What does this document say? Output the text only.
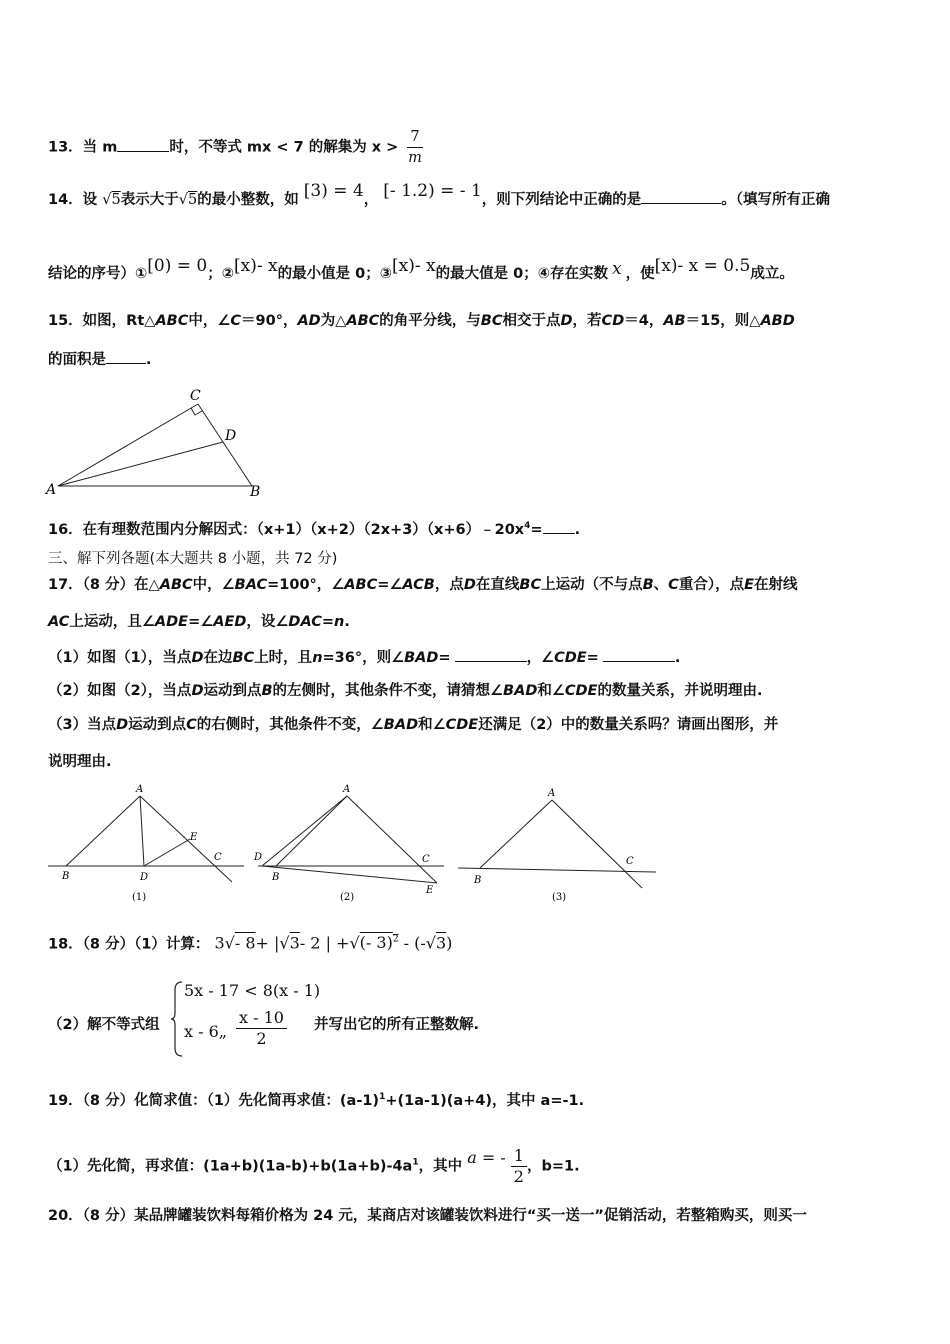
13．当 m	时，不等式 mx < 7 的解集为 $x > \frac{7}{m}$
14．设 √5表示大于√5的最小整数，如 [3) = 4， [- 1.2) = - 1，则下列结论中正确的是	。（填写所有正确
结论的序号）①[0) = 0；②[x)- x的最小值是 0；③[x)- x的最大值是 0；④存在实数 x ，使[x)- x = 0.5成立。
15．如图，Rt△ABC中，∠C＝90°，AD为△ABC的角平分线，与BC相交于点D，若CD＝4，AB＝15，则△ABD
的面积是	.
A	B
C
D
16．在有理数范围内分解因式：$(x+1)(x+2)(2x+3)(x+6)﹣20x^4=$ .
三、解下列各题(本大题共 8 小题，共 72 分)
17．（8 分）在△ABC中，∠BAC=100°，∠ABC=∠ACB，点D在直线BC上运动（不与点B、C重合），点E在射线
AC上运动，且∠ADE=∠AED，设∠DAC=n.
（1）如图（1），当点D在边BC上时，且n=36°，则∠BAD=	，∠CDE=	.
（2）如图（2），当点D运动到点B的左侧时，其他条件不变，请猜想∠BAD和∠CDE的数量关系，并说明理由.
（3）当点D运动到点C的右侧时，其他条件不变，∠BAD和∠CDE还满足（2）中的数量关系吗？请画出图形，并
说明理由.
A
B	D
E
C
(1)
A
D
B
C
E
(2)
A
B
C
(3)
18．（8 分）（1）计算： 3√- 8+ |√3- 2 | +√(- 3)$^2$ - (-√3)
（2）解不等式组
5x - 17 < 8(x - 1)
x - 6„ $\frac{x - 10}{2}$ 并写出它的所有正整数解.
19．（8 分）化简求值：（1）先化简再求值：$(a-1)^1+(1a-1)(a+4)$，其中 a=-1.
（1）先化简，再求值：$(1a+b)(1a-b)+b(1a+b)-4a^1$，其中 a = - $\frac{1}{2}$ ，b=1.
20．（8 分）某品牌罐装饮料每箱价格为 24 元，某商店对该罐装饮料进行“买一送一”促销活动，若整箱购买，则买一
